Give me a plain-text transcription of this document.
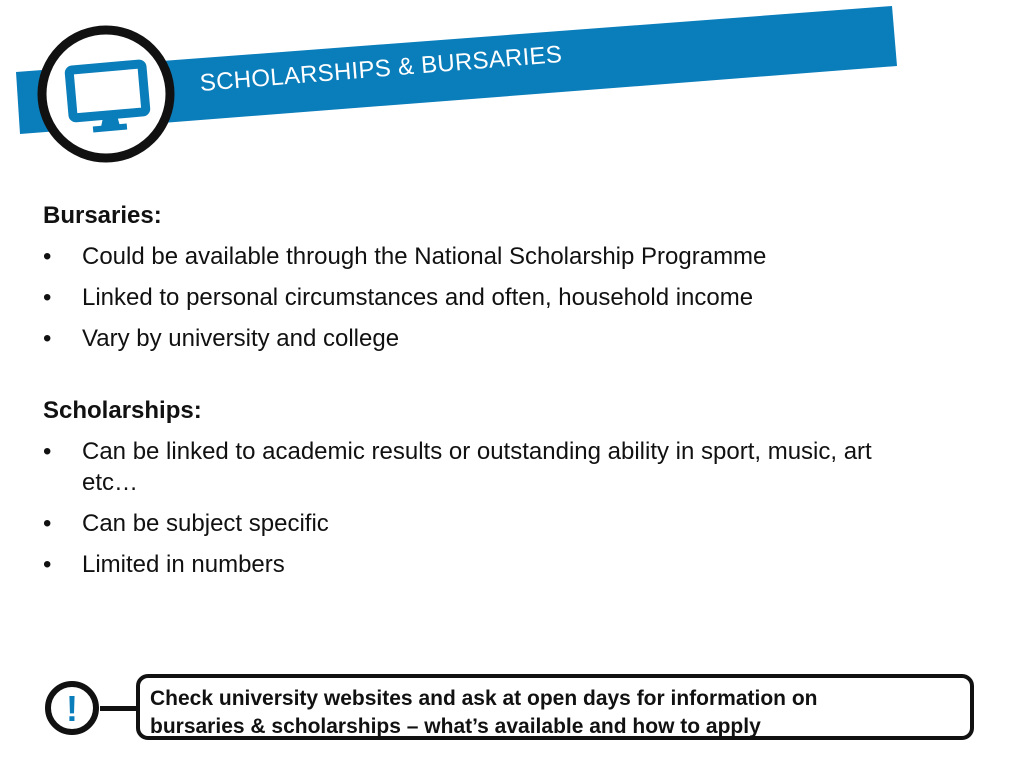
SCHOLARSHIPS & BURSARIES
Bursaries:
• Could be available through the National Scholarship Programme
• Linked to personal circumstances and often, household income
• Vary by university and college
Scholarships:
• Can be linked to academic results or outstanding ability in sport, music, art etc…
• Can be subject specific
• Limited in numbers
!	Check university websites and ask at open days for information on
bursaries & scholarships – what’s available and how to apply
